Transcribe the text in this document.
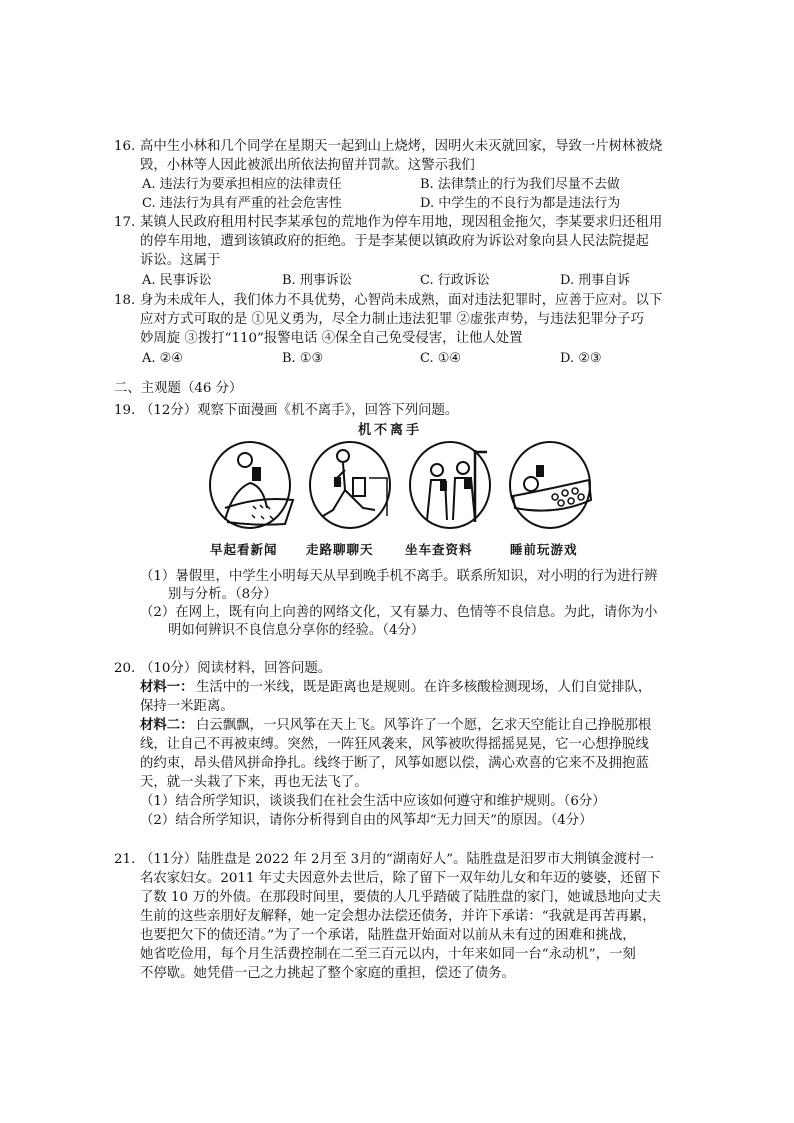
16. 高中生小林和几个同学在星期天一起到山上烧烤，因明火未灭就回家，导致一片树林被烧
毁，小林等人因此被派出所依法拘留并罚款。这警示我们
A. 违法行为要承担相应的法律责任	B. 法律禁止的行为我们尽量不去做
C. 违法行为具有严重的社会危害性	D. 中学生的不良行为都是违法行为
17. 某镇人民政府租用村民李某承包的荒地作为停车用地，现因租金拖欠，李某要求归还租用
的停车用地，遭到该镇政府的拒绝。于是李某便以镇政府为诉讼对象向县人民法院提起
诉讼。这属于
A. 民事诉讼	B. 刑事诉讼	C. 行政诉讼	D. 刑事自诉
18. 身为未成年人，我们体力不具优势，心智尚未成熟，面对违法犯罪时，应善于应对。以下
应对方式可取的是 ①见义勇为，尽全力制止违法犯罪 ②虚张声势，与违法犯罪分子巧
妙周旋 ③拨打“110”报警电话 ④保全自己免受侵害，让他人处置
A. ②④	B. ①③	C. ①④	D. ②③
二、主观题（46 分）
19. （12分）观察下面漫画《机不离手》，回答下列问题。
机不离手
早起看新闻 走路聊聊天	坐车查资料	睡前玩游戏
（1）暑假里，中学生小明每天从早到晚手机不离手。联系所知识，对小明的行为进行辨
别与分析。（8分）
（2）在网上，既有向上向善的网络文化，又有暴力、色情等不良信息。为此，请你为小
明如何辨识不良信息分享你的经验。（4分）
20. （10分）阅读材料，回答问题。
材料一： 生活中的一米线，既是距离也是规则。在许多核酸检测现场，人们自觉排队，
保持一米距离。
材料二： 白云飘飘，一只风筝在天上飞。风筝许了一个愿，乞求天空能让自己挣脱那根
线，让自己不再被束缚。突然，一阵狂风袭来，风筝被吹得摇摇晃晃，它一心想挣脱线
的约束，昂头借风拼命挣扎。线终于断了，风筝如愿以偿，满心欢喜的它来不及拥抱蓝
天，就一头栽了下来，再也无法飞了。
（1）结合所学知识，谈谈我们在社会生活中应该如何遵守和维护规则。（6分）
（2）结合所学知识，请你分析得到自由的风筝却“无力回天”的原因。（4分）
21. （11分）陆胜盘是 2022 年 2月至 3月的“湖南好人”。陆胜盘是汨罗市大荆镇金渡村一
名农家妇女。2011 年丈夫因意外去世后，除了留下一双年幼儿女和年迈的婆婆，还留下
了数 10 万的外债。在那段时间里，要债的人几乎踏破了陆胜盘的家门，她诚恳地向丈夫
生前的这些亲朋好友解释，她一定会想办法偿还债务，并许下承诺：“我就是再苦再累，
也要把欠下的债还清。”为了一个承诺，陆胜盘开始面对以前从未有过的困难和挑战，
她省吃俭用，每个月生活费控制在二至三百元以内，十年来如同一台“永动机”，一刻
不停歇。她凭借一己之力挑起了整个家庭的重担，偿还了债务。
